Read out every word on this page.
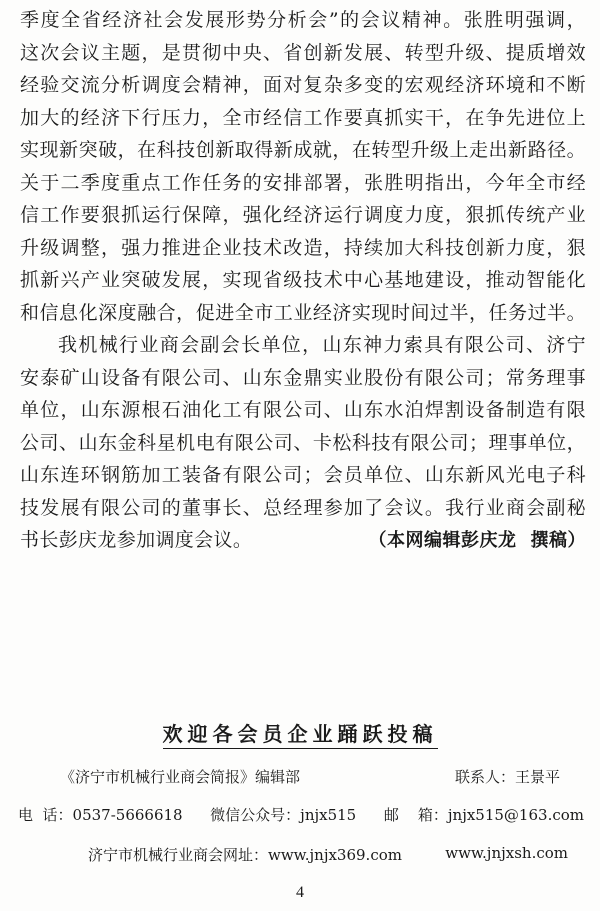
季度全省经济社会发展形势分析会”的会议精神。张胜明强调，
这次会议主题，是贯彻中央、省创新发展、转型升级、提质增效
经验交流分析调度会精神，面对复杂多变的宏观经济环境和不断
加大的经济下行压力，全市经信工作要真抓实干，在争先进位上
实现新突破，在科技创新取得新成就，在转型升级上走出新路径。
关于二季度重点工作任务的安排部署，张胜明指出，今年全市经
信工作要狠抓运行保障，强化经济运行调度力度，狠抓传统产业
升级调整，强力推进企业技术改造，持续加大科技创新力度，狠
抓新兴产业突破发展，实现省级技术中心基地建设，推动智能化
和信息化深度融合，促进全市工业经济实现时间过半，任务过半。

我机械行业商会副会长单位，山东神力索具有限公司、济宁
安泰矿山设备有限公司、山东金鼎实业股份有限公司；常务理事
单位，山东源根石油化工有限公司、山东水泊焊割设备制造有限
公司、山东金科星机电有限公司、卡松科技有限公司；理事单位，
山东连环钢筋加工装备有限公司；会员单位、山东新风光电子科
技发展有限公司的董事长、总经理参加了会议。我行业商会副秘
书长彭庆龙参加调度会议。	（本网编辑彭庆龙 撰稿）

欢迎各会员企业踊跃投稿

《济宁市机械行业商会简报》编辑部	联系人：王景平
电  话：0537-5666618 微信公众号：jnjx515 邮    箱：jnjx515@163.com
济宁市机械行业商会网址：www.jnjx369.com	www.jnjxsh.com
4
